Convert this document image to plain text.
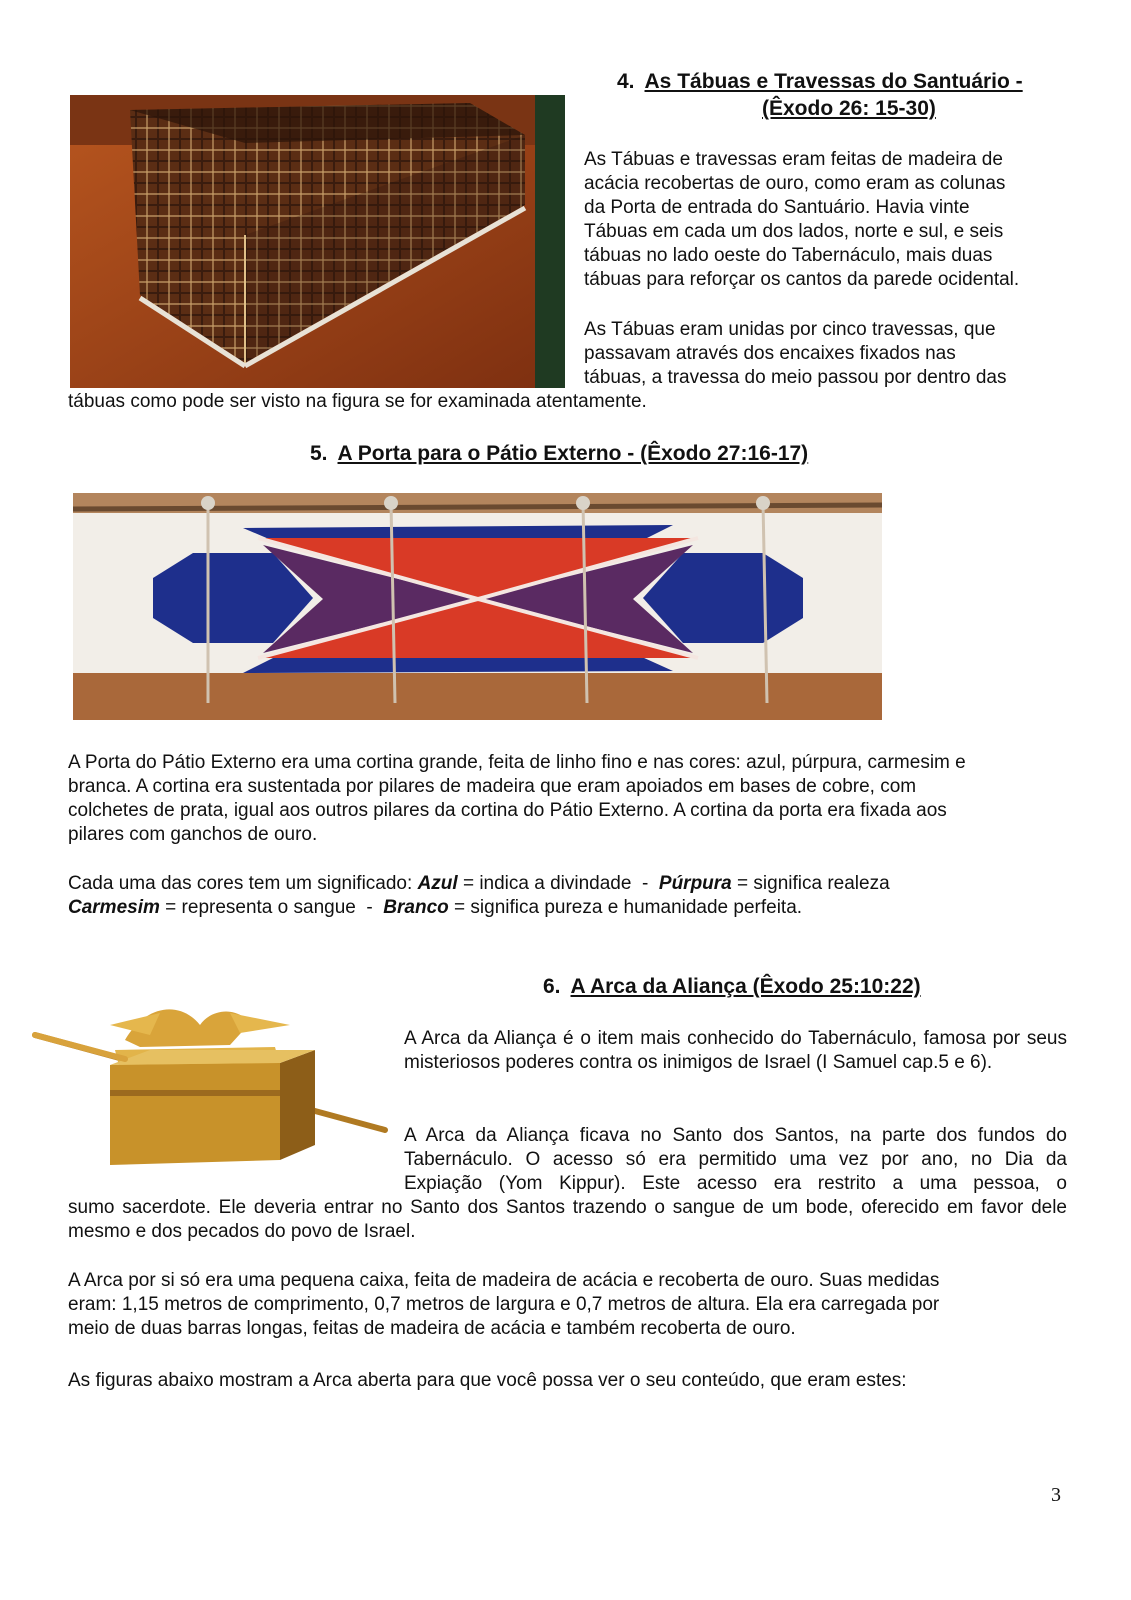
4. As Tábuas e Travessas do Santuário -
(Êxodo 26: 15-30)
As Tábuas e travessas eram feitas de madeira de
acácia recobertas de ouro, como eram as colunas
da Porta de entrada do Santuário. Havia vinte
Tábuas em cada um dos lados, norte e sul, e seis
tábuas no lado oeste do Tabernáculo, mais duas
tábuas para reforçar os cantos da parede ocidental.
As Tábuas eram unidas por cinco travessas, que
passavam através dos encaixes fixados nas
tábuas, a travessa do meio passou por dentro das
tábuas como pode ser visto na figura se for examinada atentamente.
5. A Porta para o Pátio Externo - (Êxodo 27:16-17)
A Porta do Pátio Externo era uma cortina grande, feita de linho fino e nas cores: azul, púrpura, carmesim e
branca. A cortina era sustentada por pilares de madeira que eram apoiados em bases de cobre, com
colchetes de prata, igual aos outros pilares da cortina do Pátio Externo. A cortina da porta era fixada aos
pilares com ganchos de ouro.
Cada uma das cores tem um significado: Azul = indica a divindade  -  Púrpura = significa realeza
Carmesim = representa o sangue  -  Branco = significa pureza e humanidade perfeita.
6. A Arca da Aliança (Êxodo 25:10:22)
A Arca da Aliança é o item mais conhecido do Tabernáculo, famosa por seus misteriosos poderes contra os inimigos de Israel (I Samuel cap.5 e 6).
A Arca da Aliança ficava no Santo dos Santos, na parte dos fundos do
Tabernáculo. O acesso só era permitido uma vez por ano, no Dia da
Expiação (Yom Kippur). Este acesso era restrito a uma pessoa, o
sumo sacerdote. Ele deveria entrar no Santo dos Santos trazendo o sangue de um bode, oferecido em favor dele mesmo e dos pecados do povo de Israel.
A Arca por si só era uma pequena caixa, feita de madeira de acácia e recoberta de ouro. Suas medidas
eram: 1,15 metros de comprimento, 0,7 metros de largura e 0,7 metros de altura. Ela era carregada por
meio de duas barras longas, feitas de madeira de acácia e também recoberta de ouro.
As figuras abaixo mostram a Arca aberta para que você possa ver o seu conteúdo, que eram estes:
3
